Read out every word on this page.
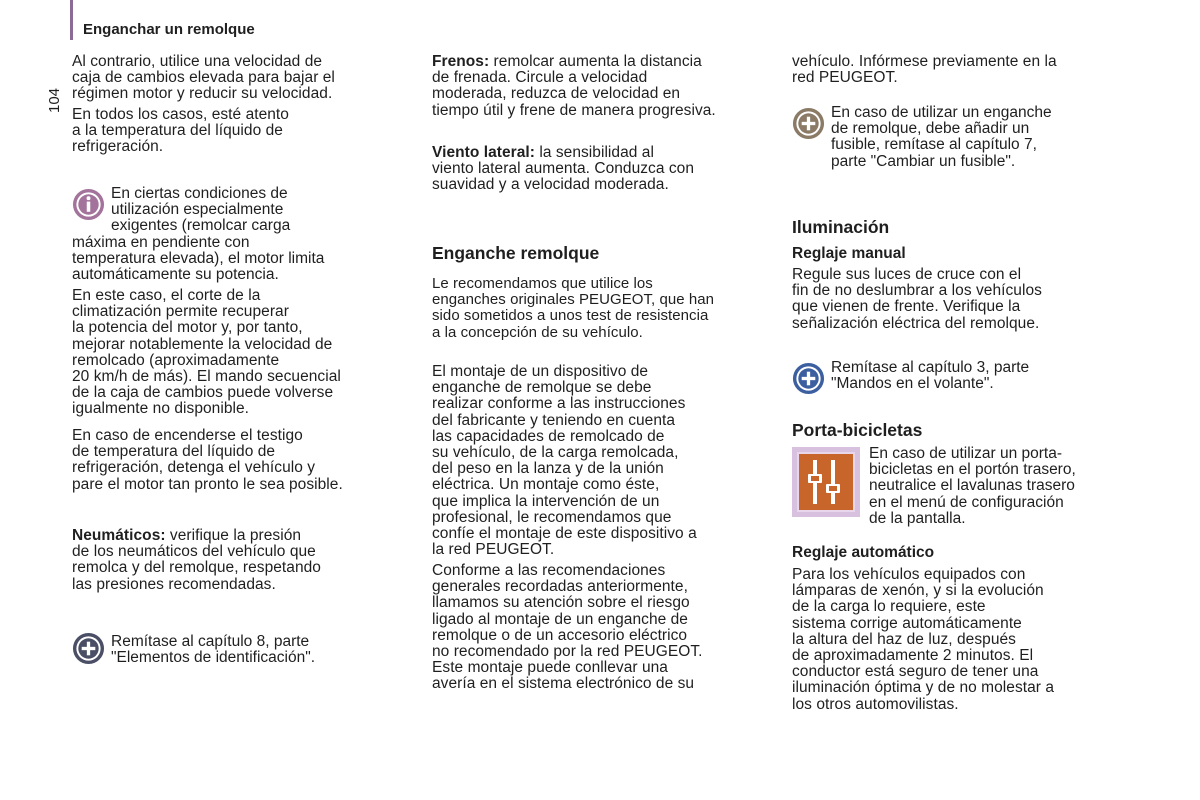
Enganchar un remolque
104
Al contrario, utilice una velocidad de
caja de cambios elevada para bajar el
régimen motor y reducir su velocidad.
En todos los casos, esté atento
a la temperatura del líquido de
refrigeración.
En ciertas condiciones de
utilización especialmente
exigentes (remolcar carga
máxima en pendiente con
temperatura elevada), el motor limita
automáticamente su potencia.
En este caso, el corte de la
climatización permite recuperar
la potencia del motor y, por tanto,
mejorar notablemente la velocidad de
remolcado (aproximadamente
20 km/h de más). El mando secuencial
de la caja de cambios puede volverse
igualmente no disponible.
En caso de encenderse el testigo
de temperatura del líquido de
refrigeración, detenga el vehículo y
pare el motor tan pronto le sea posible.
Neumáticos: verifique la presión
de los neumáticos del vehículo que
remolca y del remolque, respetando
las presiones recomendadas.
Remítase al capítulo 8, parte
"Elementos de identificación".
Frenos: remolcar aumenta la distancia
de frenada. Circule a velocidad
moderada, reduzca de velocidad en
tiempo útil y frene de manera progresiva.
Viento lateral: la sensibilidad al
viento lateral aumenta. Conduzca con
suavidad y a velocidad moderada.
Enganche remolque
Le recomendamos que utilice los
enganches originales PEUGEOT, que han
sido sometidos a unos test de resistencia
a la concepción de su vehículo.
El montaje de un dispositivo de
enganche de remolque se debe
realizar conforme a las instrucciones
del fabricante y teniendo en cuenta
las capacidades de remolcado de
su vehículo, de la carga remolcada,
del peso en la lanza y de la unión
eléctrica. Un montaje como éste,
que implica la intervención de un
profesional, le recomendamos que
confíe el montaje de este dispositivo a
la red PEUGEOT.
Conforme a las recomendaciones
generales recordadas anteriormente,
llamamos su atención sobre el riesgo
ligado al montaje de un enganche de
remolque o de un accesorio eléctrico
no recomendado por la red PEUGEOT.
Este montaje puede conllevar una
avería en el sistema electrónico de su
vehículo. Infórmese previamente en la
red PEUGEOT.
En caso de utilizar un enganche
de remolque, debe añadir un
fusible, remítase al capítulo 7,
parte "Cambiar un fusible".
Iluminación
Reglaje manual
Regule sus luces de cruce con el
fin de no deslumbrar a los vehículos
que vienen de frente. Verifique la
señalización eléctrica del remolque.
Remítase al capítulo 3, parte
"Mandos en el volante".
Porta-bicicletas
En caso de utilizar un porta-
bicicletas en el portón trasero,
neutralice el lavalunas trasero
en el menú de configuración
de la pantalla.
Reglaje automático
Para los vehículos equipados con
lámparas de xenón, y si la evolución
de la carga lo requiere, este
sistema corrige automáticamente
la altura del haz de luz, después
de aproximadamente 2 minutos. El
conductor está seguro de tener una
iluminación óptima y de no molestar a
los otros automovilistas.
